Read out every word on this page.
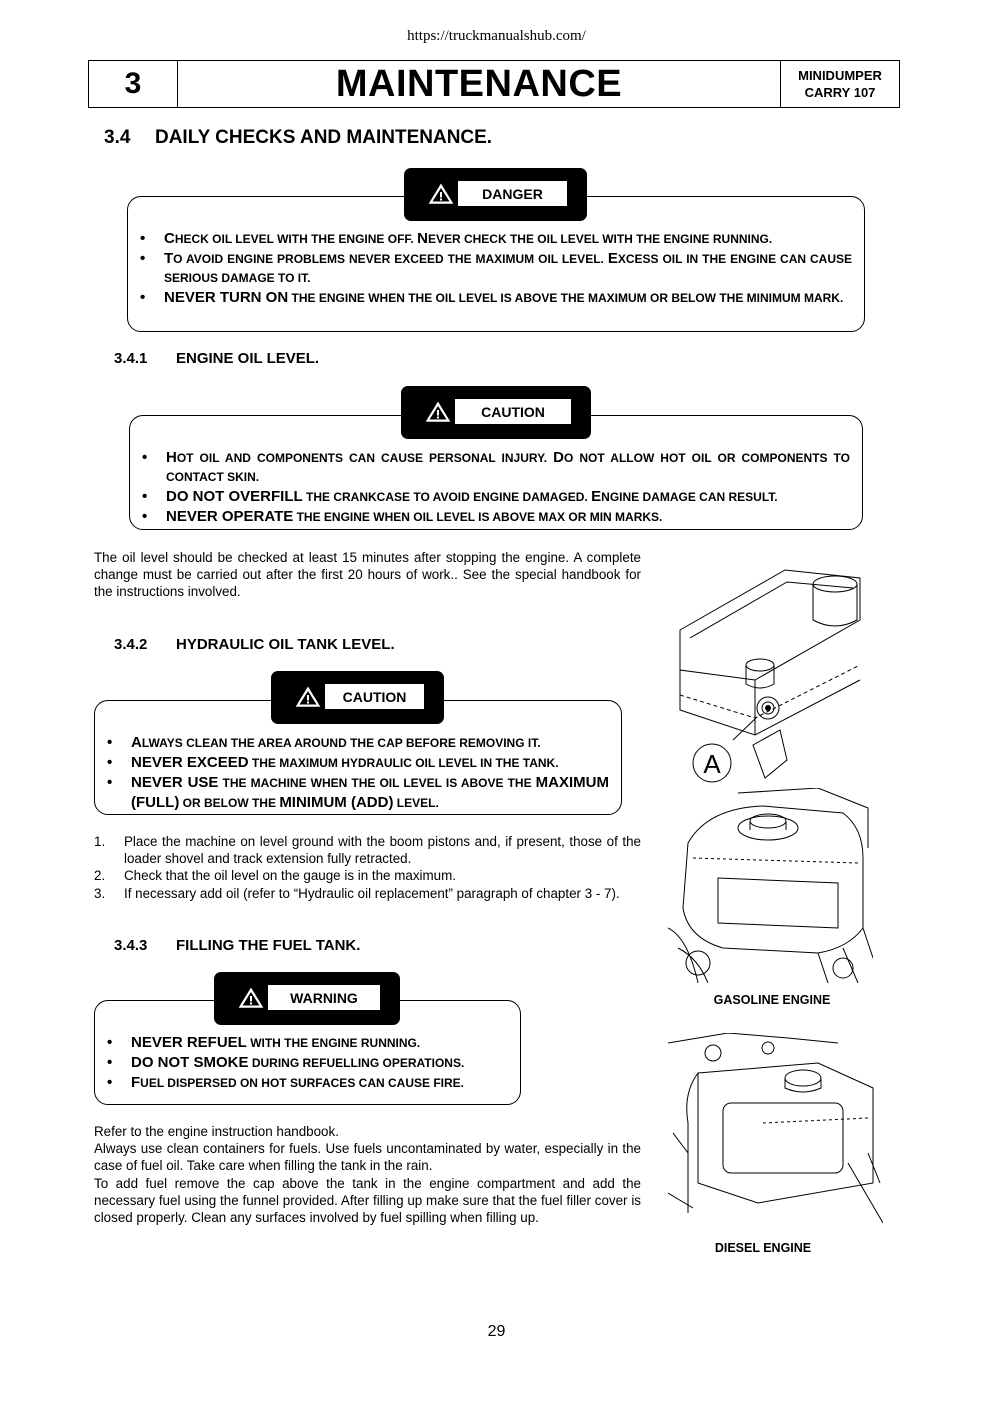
https://truckmanualshub.com/
3	MAINTENANCE	MINIDUMPER
CARRY 107
3.4 DAILY CHECKS AND MAINTENANCE.
• CHECK OIL LEVEL WITH THE ENGINE OFF. NEVER CHECK THE OIL LEVEL WITH THE ENGINE RUNNING.
• TO AVOID ENGINE PROBLEMS NEVER EXCEED THE MAXIMUM OIL LEVEL. EXCESS OIL IN THE ENGINE CAN CAUSE SERIOUS DAMAGE TO IT.
• NEVER TURN ON THE ENGINE WHEN THE OIL LEVEL IS ABOVE THE MAXIMUM OR BELOW THE MINIMUM MARK.
DANGER
3.4.1 ENGINE OIL LEVEL.
• HOT OIL AND COMPONENTS CAN CAUSE PERSONAL INJURY. DO NOT ALLOW HOT OIL OR COMPONENTS TO CONTACT SKIN.
• DO NOT OVERFILL THE CRANKCASE TO AVOID ENGINE DAMAGED. ENGINE DAMAGE CAN RESULT.
• NEVER OPERATE THE ENGINE WHEN OIL LEVEL IS ABOVE MAX OR MIN MARKS.
CAUTION
The oil level should be checked at least 15 minutes after stopping the engine. A complete change must be carried out after the first 20 hours of work.. See the special handbook for the instructions involved.
3.4.2 HYDRAULIC OIL TANK LEVEL.
• ALWAYS CLEAN THE AREA AROUND THE CAP BEFORE REMOVING IT.
• NEVER EXCEED THE MAXIMUM HYDRAULIC OIL LEVEL IN THE TANK.
• NEVER USE THE MACHINE WHEN THE OIL LEVEL IS ABOVE THE MAXIMUM (FULL) OR BELOW THE MINIMUM (ADD) LEVEL.
CAUTION
1. Place the machine on level ground with the boom pistons and, if present, those of the loader shovel and track extension fully retracted.
2. Check that the oil level on the gauge is in the maximum.
3. If necessary add oil (refer to “Hydraulic oil replacement” paragraph of chapter 3 - 7).
3.4.3 FILLING THE FUEL TANK.
• NEVER REFUEL WITH THE ENGINE RUNNING.
• DO NOT SMOKE DURING REFUELLING OPERATIONS.
• FUEL DISPERSED ON HOT SURFACES CAN CAUSE FIRE.
WARNING
Refer to the engine instruction handbook.
Always use clean containers for fuels. Use fuels uncontaminated by water, especially in the case of fuel oil. Take care when filling the tank in the rain.
To add fuel remove the cap above the tank in the engine compartment and add the necessary fuel using the funnel provided. After filling up make sure that the fuel filler cover is closed properly. Clean any surfaces involved by fuel spilling when filling up.
A
GASOLINE ENGINE
DIESEL ENGINE
29
